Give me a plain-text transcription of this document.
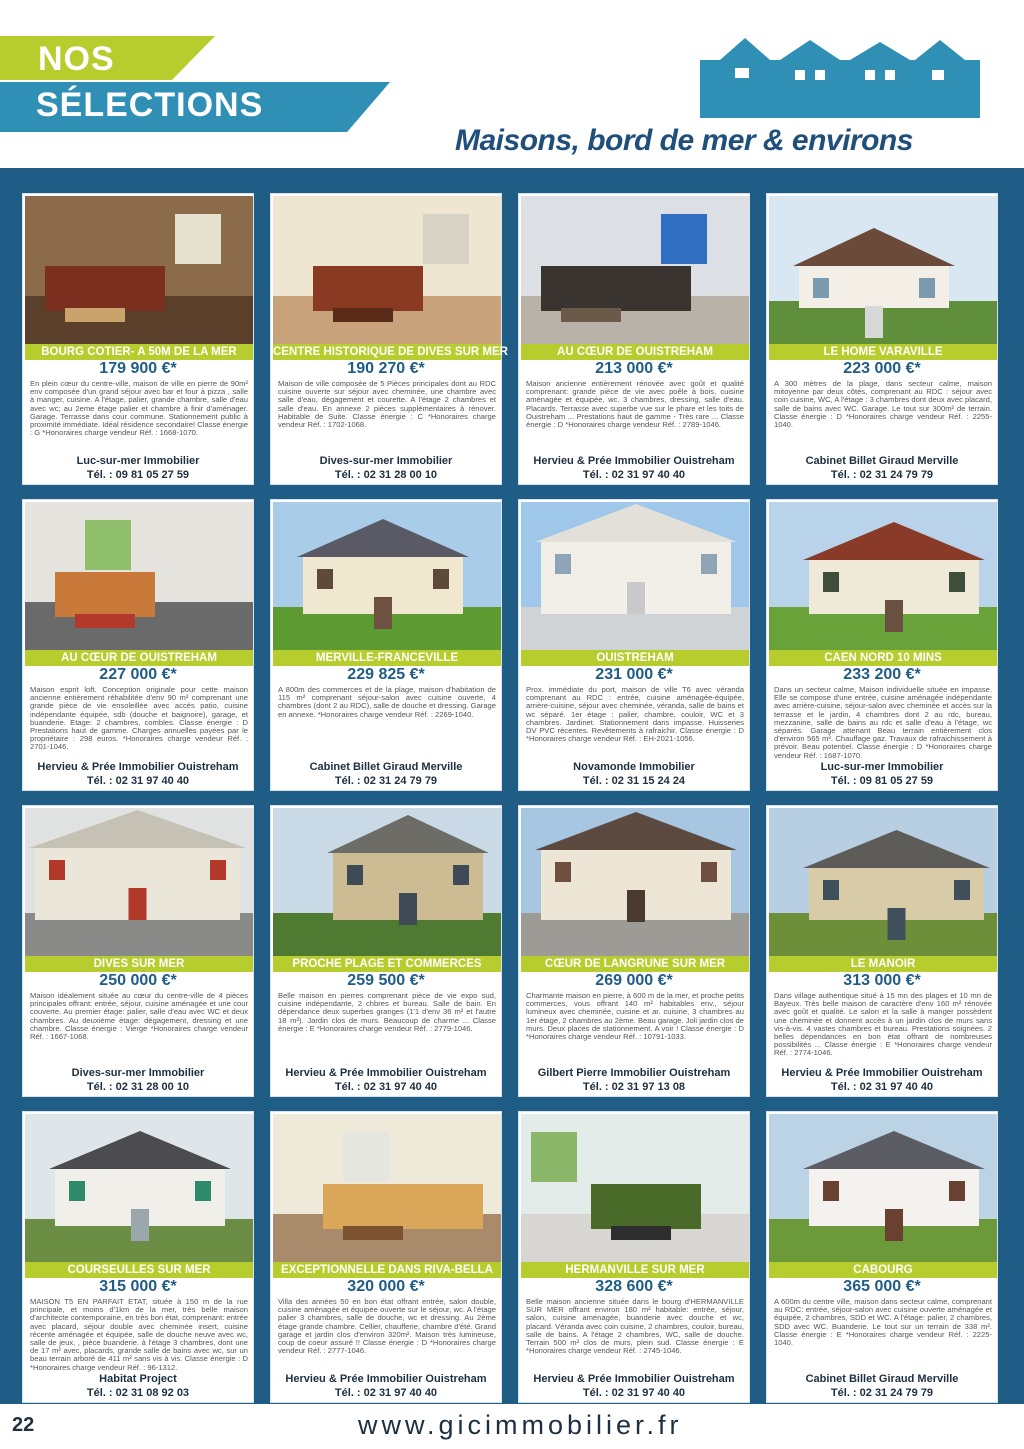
NOS
SÉLECTIONS
Maisons, bord de mer & environs
BOURG COTIER- A 50M DE LA MER
179 900 €*
En plein cœur du centre-ville, maison de ville en pierre de 90m² env composée d'un grand séjour avec bar et four à pizza , salle à manger, cuisine. A l'étage, palier, grande chambre, salle d'eau avec wc; au 2eme étage palier et chambre à finir d'aménager. Garage. Terrasse dans cour commune. Stationnement public à proximité immédiate. Idéal résidence secondaire! Classe énergie : G *Honoraires charge vendeur Réf. : 1668-1070.
Luc-sur-mer Immobilier
Tél. : 09 81 05 27 59
CENTRE HISTORIQUE DE DIVES SUR MER
190 270 €*
Maison de ville composée de 5 Pièces principales dont au RDC cuisine ouverte sur séjour avec cheminée, une chambre avec salle d'eau, dégagement et courette. A l'étage 2 chambres et salle d'eau. En annexe 2 pièces supplémentaires à rénover. Habitable de Suite. Classe énergie : C *Honoraires charge vendeur Réf. : 1702-1068.
Dives-sur-mer Immobilier
Tél. : 02 31 28 00 10
AU CŒUR DE OUISTREHAM
213 000 €*
Maison ancienne entièrement rénovée avec goût et qualité comprenant: grande pièce de vie avec poêle à bois, cuisine aménagée et équipée, wc. 3 chambres, dressing, salle d'eau. Placards. Terrasse avec superbe vue sur le phare et les toits de Ouistreham ... Prestations haut de gamme - Très rare ... Classe énergie : D *Honoraires charge vendeur Réf. : 2789-1046.
Hervieu & Prée Immobilier Ouistreham
Tél. : 02 31 97 40 40
LE HOME VARAVILLE
223 000 €*
A 300 mètres de la plage, dans secteur calme, maison mitoyenne par deux côtés, comprenant au RDC : séjour avec coin cuisine, WC, A l'étage : 3 chambres dont deux avec placard, salle de bains avec WC. Garage. Le tout sur 300m² de terrain. Classe énergie : D *Honoraires charge vendeur Réf. : 2255-1040.
Cabinet Billet Giraud Merville
Tél. : 02 31 24 79 79
AU CŒUR DE OUISTREHAM
227 000 €*
Maison esprit loft. Conception originale pour cette maison ancienne entièrement réhabilitée d'env 90 m² comprenant une grande pièce de vie ensoleillée avec accès patio, cuisine indépendante équipée, sdb (douche et baignoire), garage, et buanderie. Etage: 2 chambres, combles. Classe énergie : D Prestations haut de gamme. Charges annuelles payées par le propriétaire : 298 euros. *Honoraires charge vendeur Réf. : 2701-1046.
Hervieu & Prée Immobilier Ouistreham
Tél. : 02 31 97 40 40
MERVILLE-FRANCEVILLE
229 825 €*
A 800m des commerces et de la plage, maison d'habitation de 115 m² comprenant séjour-salon avec cuisine ouverte, 4 chambres (dont 2 au RDC), salle de douche et dressing. Garage en annexe. *Honoraires charge vendeur Réf. : 2269-1040.
Cabinet Billet Giraud Merville
Tél. : 02 31 24 79 79
OUISTREHAM
231 000 €*
Prox. immédiate du port, maison de ville T6 avec véranda comprenant au RDC : entrée, cuisine aménagée-équipée, arrière-cuisine, séjour avec cheminée, véranda, salle de bains et wc séparé. 1er étage : palier, chambre, couloir, WC et 3 chambres. Jardinet. Stationnement dans impasse. Huisseries DV PVC récentes. Revêtements à rafraichir. Classe énergie : D *Honoraires charge vendeur Réf. : EH-2021-1056.
Novamonde Immobilier
Tél. : 02 31 15 24 24
CAEN NORD 10 MINS
233 200 €*
Dans un secteur calme, Maison individuelle située en impasse. Elle se compose d'une entrée, cuisine aménagée indépendante avec arrière-cuisine, séjour-salon avec cheminée et accès sur la terrasse et le jardin, 4 chambres dont 2 au rdc, bureau, mezzanine, salle de bains au rdc et salle d'eau à l'étage, wc séparés. Garage attenant Beau terrain entièrement clos d'environ 565 m². Chauffage gaz. Travaux de rafraichissement à prévoir. Beau potentiel. Classe énergie : D *Honoraires charge vendeur Réf. : 1687-1070.
Luc-sur-mer Immobilier
Tél. : 09 81 05 27 59
DIVES SUR MER
250 000 €*
Maison idéalement située au cœur du centre-ville de 4 pièces principales offrant: entrée, séjour, cuisine aménagée et une cour couverte. Au premier étage: palier, salle d'eau avec WC et deux chambres. Au deuxième étage: dégagement, dressing et une chambre. Classe énergie : Vierge *Honoraires charge vendeur Réf. : 1667-1068.
Dives-sur-mer Immobilier
Tél. : 02 31 28 00 10
PROCHE PLAGE ET COMMERCES
259 500 €*
Belle maison en pierres comprenant pièce de vie expo sud, cuisine indépendante, 2 chbres et bureau. Salle de bain. En dépendance deux superbes granges (1'1 d'env 36 m² et l'autre 18 m²). Jardin clos de murs. Beaucoup de charme ... Classe énergie : E *Honoraires charge vendeur Réf. : 2779-1046.
Hervieu & Prée Immobilier Ouistreham
Tél. : 02 31 97 40 40
CŒUR DE LANGRUNE SUR MER
269 000 €*
Charmante maison en pierre, à 600 m de la mer, et proche petits commerces, vous offrant 140 m² habitables env., séjour lumineux avec cheminée, cuisine et ar. cuisine, 3 chambres au 1er étage, 2 chambres au 2ème. Beau garage. Joli jardin clos de murs. Deux places de stationnement. A voir ! Classe énergie : D *Honoraires charge vendeur Réf. : 10791-1033.
Gilbert Pierre Immobilier Ouistreham
Tél. : 02 31 97 13 08
LE MANOIR
313 000 €*
Dans village authentique situé à 15 mn des plages et 10 mn de Bayeux. Très belle maison de caractère d'env 160 m² rénovée avec goût et qualité. Le salon et la salle à manger possèdent une cheminée et donnent accès à un jardin clos de murs sans vis-à-vis. 4 vastes chambres et bureau. Prestations soignées. 2 belles dépendances en bon état offrant de nombreuses possibilités ... Classe énergie : E *Honoraires charge vendeur Réf. : 2774-1046.
Hervieu & Prée Immobilier Ouistreham
Tél. : 02 31 97 40 40
COURSEULLES SUR MER
315 000 €*
MAISON T5 EN PARFAIT ETAT, située à 150 m de la rue principale, et moins d'1km de la mer, très belle maison d'architecte contemporaine, en très bon état, comprenant: entrée avec placard, séjour double avec cheminée insert, cuisine récente aménagée et équipée, salle de douche neuve avec wc, salle de jeux, , pièce buanderie. à l'étage 3 chambres, dont une de 17 m² avec, placards, grande salle de bains avec wc, sur un beau terrain arboré de 411 m² sans vis à vis. Classe énergie : D *Honoraires charge vendeur Réf. : 96-1312.
Habitat Project
Tél. : 02 31 08 92 03
EXCEPTIONNELLE DANS RIVA-BELLA
320 000 €*
Villa des années 50 en bon état offrant entrée, salon double, cuisine aménagée et équipée ouverte sur le séjour, wc. A l'étage palier 3 chambres, salle de douche, wc et dressing. Au 2ème étage grande chambre. Cellier, chaufferie, chambre d'été. Grand garage et jardin clos d'environ 320m². Maison très lumineuse, coup de coeur assuré !! Classe énergie : D *Honoraires charge vendeur Réf. : 2777-1046.
Hervieu & Prée Immobilier Ouistreham
Tél. : 02 31 97 40 40
HERMANVILLE SUR MER
328 600 €*
Belle maison ancienne située dans le bourg d'HERMANVILLE SUR MER offrant environ 180 m² habitable: entrée, séjour, salon, cuisine aménagée, buanderie avec douche et wc, placard. Véranda avec coin cuisine, 2 chambres, couloir, bureau, salle de bains. A l'étage 2 chambres, WC, salle de douche. Terrain 500 m² clos de murs, plein sud. Classe énergie : E *Honoraires charge vendeur Réf. : 2745-1046.
Hervieu & Prée Immobilier Ouistreham
Tél. : 02 31 97 40 40
CABOURG
365 000 €*
A 600m du centre ville, maison dans secteur calme, comprenant au RDC: entrée, séjour-salon avec cuisine ouverte aménagée et équipée, 2 chambres, SDD et WC. A l'étage: palier, 2 chambres, SDD avec WC. Buanderie. Le tout sur un terrain de 338 m². Classe énergie : E *Honoraires charge vendeur Réf. : 2225-1040.
Cabinet Billet Giraud Merville
Tél. : 02 31 24 79 79
22	www.gicimmobilier.fr
